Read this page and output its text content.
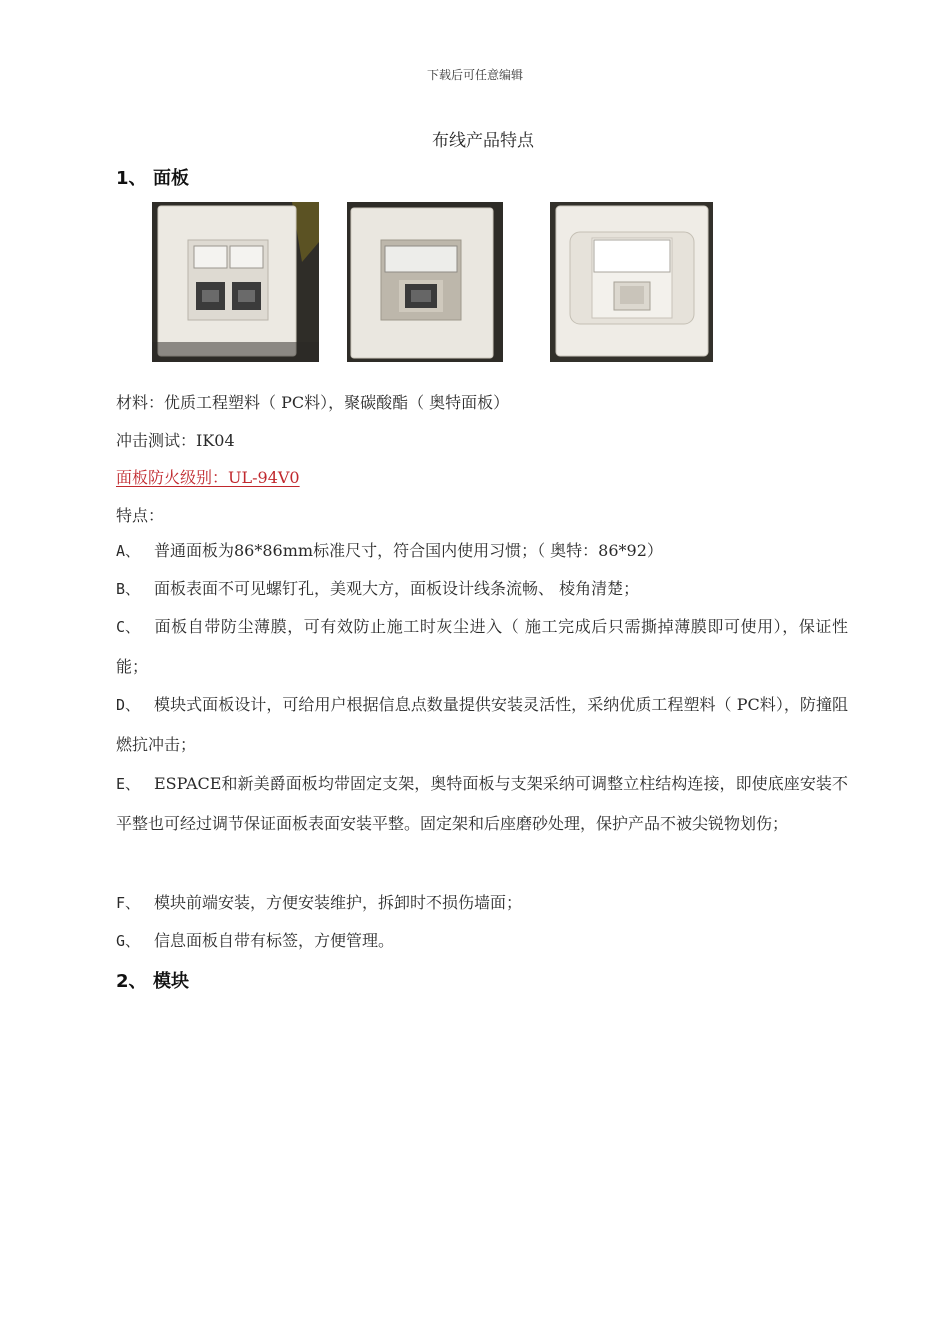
下载后可任意编辑
布线产品特点
1、 面板
材料：优质工程塑料（ PC料），聚碳酸酯（ 奥特面板）
冲击测试：IK04
面板防火级别：UL-94V0
特点：
A、 普通面板为86*86mm标准尺寸，符合国内使用习惯；（ 奥特：86*92）
B、 面板表面不可见螺钉孔，美观大方，面板设计线条流畅、 棱角清楚；
C、 面板自带防尘薄膜，可有效防止施工时灰尘进入（ 施工完成后只需撕掉薄膜即可使用），保证性能；
D、 模块式面板设计，可给用户根据信息点数量提供安装灵活性，采纳优质工程塑料（ PC料），防撞阻燃抗冲击；
E、 ESPACE和新美爵面板均带固定支架，奥特面板与支架采纳可调整立柱结构连接，即使底座安装不平整也可经过调节保证面板表面安装平整。固定架和后座磨砂处理，保护产品不被尖锐物划伤；
F、 模块前端安装，方便安装维护，拆卸时不损伤墙面；
G、 信息面板自带有标签，方便管理。
2、 模块
